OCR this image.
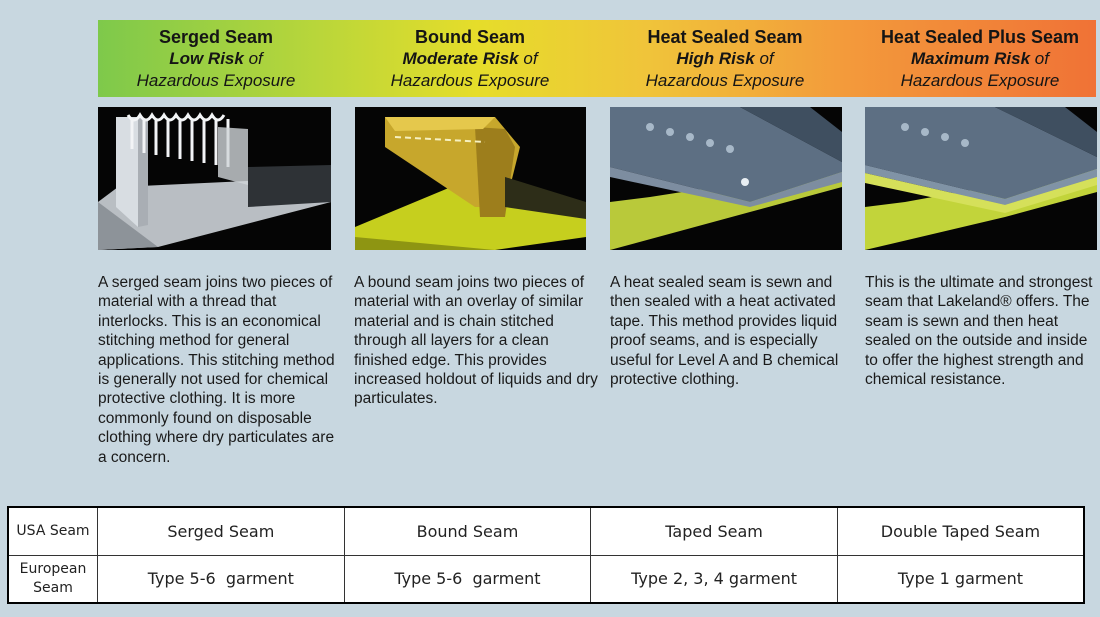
Serged Seam
Low Risk of
Hazardous Exposure
Bound Seam
Moderate Risk of
Hazardous Exposure
Heat Sealed Seam
High Risk of
Hazardous Exposure
Heat Sealed Plus Seam
Maximum Risk of
Hazardous Exposure

A serged seam joins two pieces of material with a thread that interlocks. This is an economical stitching method for general applications. This stitching method is generally not used for chemical protective clothing. It is more commonly found on disposable clothing where dry particulates are a concern.

A bound seam joins two pieces of material with an overlay of similar material and is chain stitched through all layers for a clean finished edge. This provides increased holdout of liquids and dry particulates.

A heat sealed seam is sewn and then sealed with a heat activated tape. This method provides liquid proof seams, and is especially useful for Level A and B chemical protective clothing.

This is the ultimate and strongest seam that Lakeland® offers. The seam is sewn and then heat sealed on the outside and inside to offer the highest strength and chemical resistance.

USA Seam	Serged Seam	Bound Seam	Taped Seam	Double Taped Seam
European Seam	Type 5-6  garment	Type 5-6  garment	Type 2, 3, 4 garment	Type 1 garment
